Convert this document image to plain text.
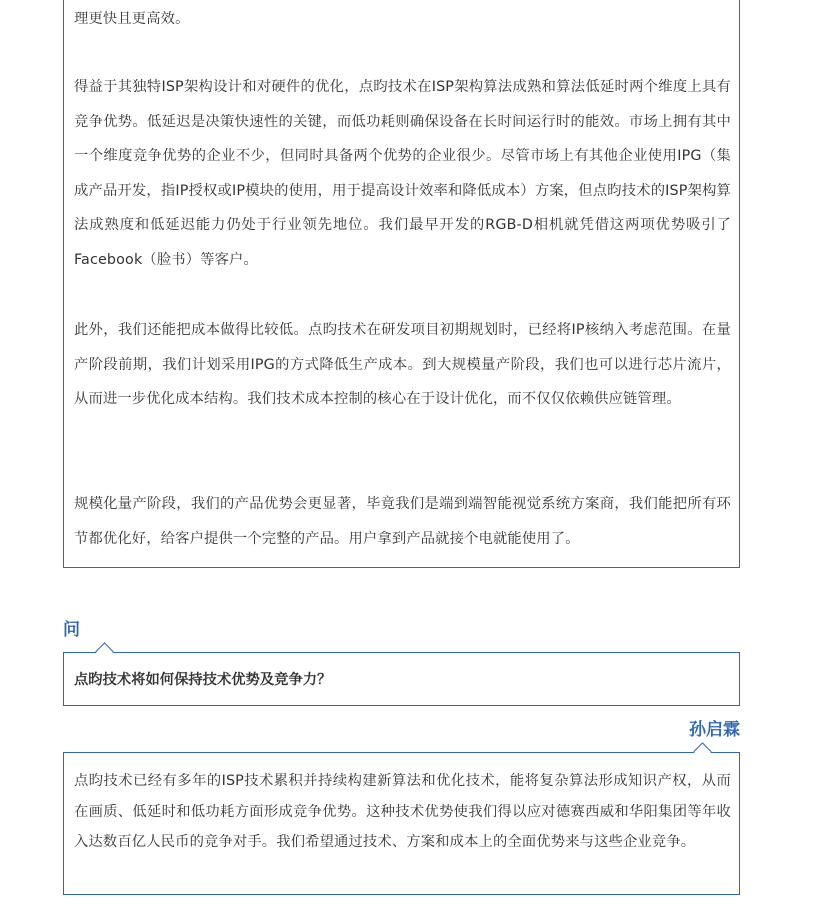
理更快且更高效。

得益于其独特ISP架构设计和对硬件的优化，点昀技术在ISP架构算法成熟和算法低延时两个维度上具有竞争优势。低延迟是决策快速性的关键，而低功耗则确保设备在长时间运行时的能效。市场上拥有其中一个维度竞争优势的企业不少，但同时具备两个优势的企业很少。尽管市场上有其他企业使用IPG（集成产品开发，指IP授权或IP模块的使用，用于提高设计效率和降低成本）方案，但点昀技术的ISP架构算法成熟度和低延迟能力仍处于行业领先地位。我们最早开发的RGB-D相机就凭借这两项优势吸引了Facebook（脸书）等客户。

此外，我们还能把成本做得比较低。点昀技术在研发项目初期规划时，已经将IP核纳入考虑范围。在量产阶段前期，我们计划采用IPG的方式降低生产成本。到大规模量产阶段，我们也可以进行芯片流片，从而进一步优化成本结构。我们技术成本控制的核心在于设计优化，而不仅仅依赖供应链管理。

规模化量产阶段，我们的产品优势会更显著，毕竟我们是端到端智能视觉系统方案商，我们能把所有环节都优化好，给客户提供一个完整的产品。用户拿到产品就接个电就能使用了。

问
点昀技术将如何保持技术优势及竞争力？
孙启霖

点昀技术已经有多年的ISP技术累积并持续构建新算法和优化技术，能将复杂算法形成知识产权，从而在画质、低延时和低功耗方面形成竞争优势。这种技术优势使我们得以应对德赛西威和华阳集团等年收入达数百亿人民币的竞争对手。我们希望通过技术、方案和成本上的全面优势来与这些企业竞争。
